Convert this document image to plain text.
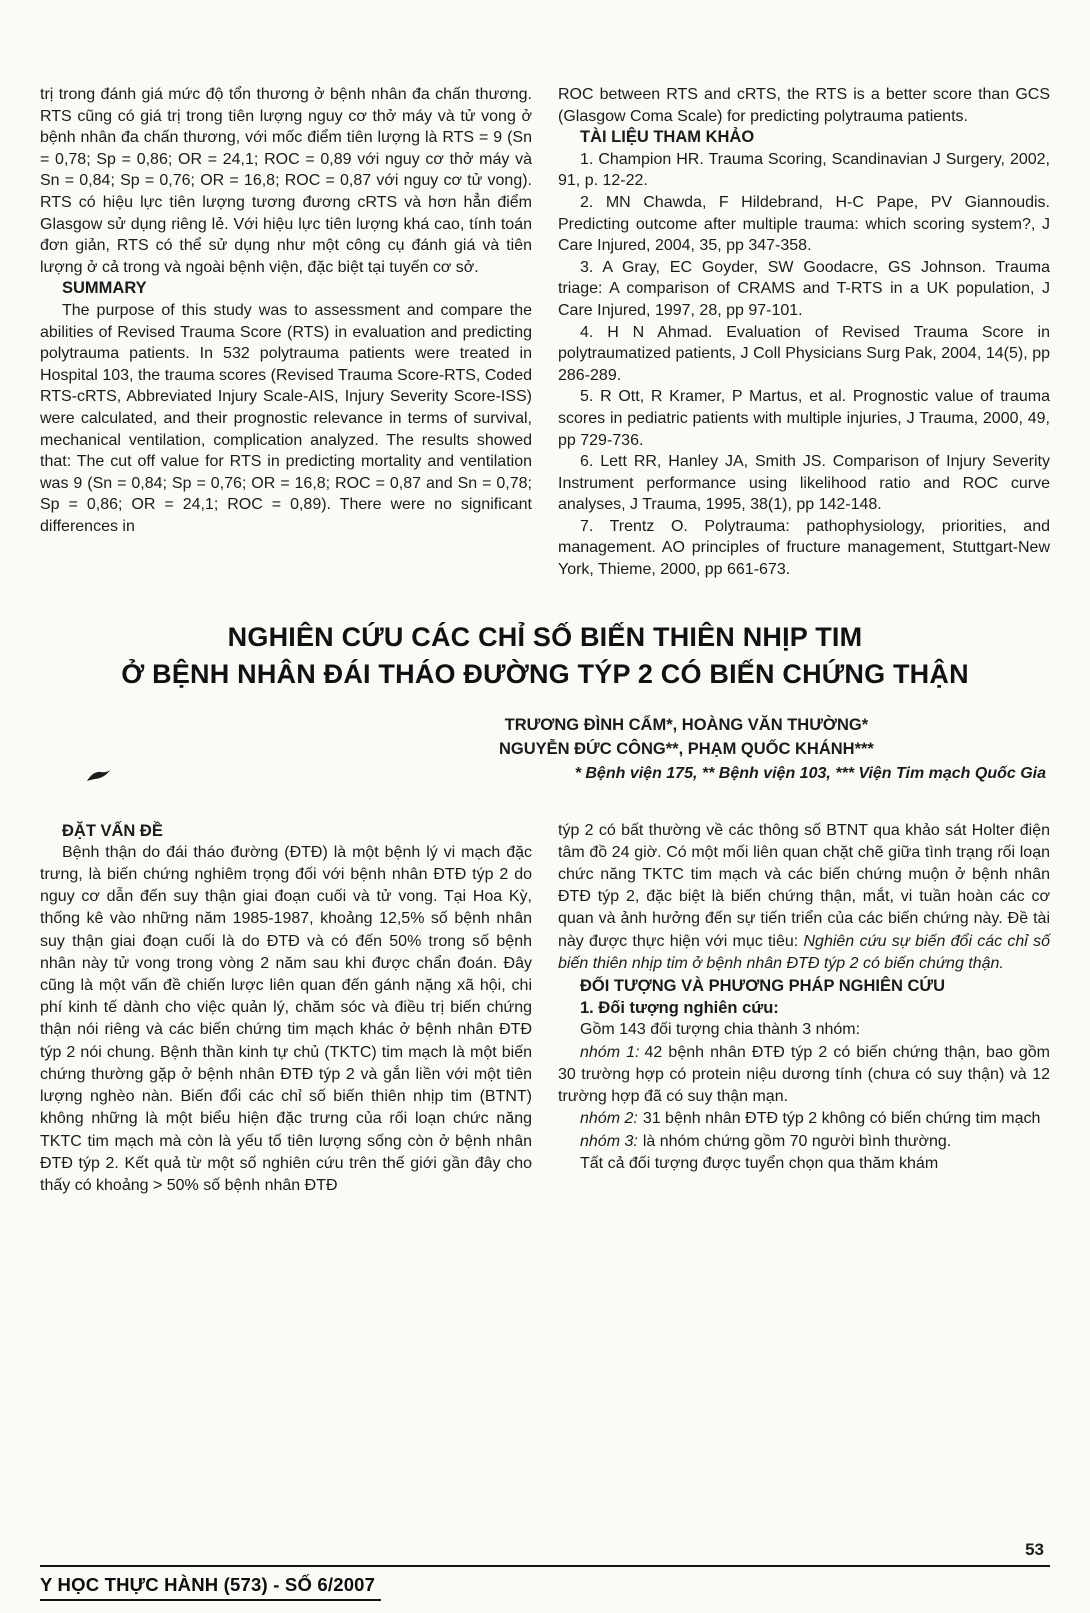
trị trong đánh giá mức độ tổn thương ở bệnh nhân đa chấn thương. RTS cũng có giá trị trong tiên lượng nguy cơ thở máy và tử vong ở bệnh nhân đa chấn thương, với mốc điểm tiên lượng là RTS = 9 (Sn = 0,78; Sp = 0,86; OR = 24,1; ROC = 0,89 với nguy cơ thở máy và Sn = 0,84; Sp = 0,76; OR = 16,8; ROC = 0,87 với nguy cơ tử vong). RTS có hiệu lực tiên lượng tương đương cRTS và hơn hẳn điểm Glasgow sử dụng riêng lẻ. Với hiệu lực tiên lượng khá cao, tính toán đơn giản, RTS có thể sử dụng như một công cụ đánh giá và tiên lượng ở cả trong và ngoài bệnh viện, đặc biệt tại tuyến cơ sở.

SUMMARY

The purpose of this study was to assessment and compare the abilities of Revised Trauma Score (RTS) in evaluation and predicting polytrauma patients. In 532 polytrauma patients were treated in Hospital 103, the trauma scores (Revised Trauma Score-RTS, Coded RTS-cRTS, Abbreviated Injury Scale-AIS, Injury Severity Score-ISS) were calculated, and their prognostic relevance in terms of survival, mechanical ventilation, complication analyzed. The results showed that: The cut off value for RTS in predicting mortality and ventilation was 9 (Sn = 0,84; Sp = 0,76; OR = 16,8; ROC = 0,87 and Sn = 0,78; Sp = 0,86; OR = 24,1; ROC = 0,89). There were no significant differences in

ROC between RTS and cRTS, the RTS is a better score than GCS (Glasgow Coma Scale) for predicting polytrauma patients.

TÀI LIỆU THAM KHẢO

1. Champion HR. Trauma Scoring, Scandinavian J Surgery, 2002, 91, p. 12-22.

2. MN Chawda, F Hildebrand, H-C Pape, PV Giannoudis. Predicting outcome after multiple trauma: which scoring system?, J Care Injured, 2004, 35, pp 347-358.

3. A Gray, EC Goyder, SW Goodacre, GS Johnson. Trauma triage: A comparison of CRAMS and T-RTS in a UK population, J Care Injured, 1997, 28, pp 97-101.

4. H N Ahmad. Evaluation of Revised Trauma Score in polytraumatized patients, J Coll Physicians Surg Pak, 2004, 14(5), pp 286-289.

5. R Ott, R Kramer, P Martus, et al. Prognostic value of trauma scores in pediatric patients with multiple injuries, J Trauma, 2000, 49, pp 729-736.

6. Lett RR, Hanley JA, Smith JS. Comparison of Injury Severity Instrument performance using likelihood ratio and ROC curve analyses, J Trauma, 1995, 38(1), pp 142-148.

7. Trentz O. Polytrauma: pathophysiology, priorities, and management. AO principles of fructure management, Stuttgart-New York, Thieme, 2000, pp 661-673.

NGHIÊN CỨU CÁC CHỈ SỐ BIẾN THIÊN NHỊP TIM
Ở BỆNH NHÂN ĐÁI THÁO ĐƯỜNG TÝP 2 CÓ BIẾN CHỨNG THẬN
TRƯƠNG ĐÌNH CẨM*, HOÀNG VĂN THƯỜNG*
NGUYỄN ĐỨC CÔNG**, PHẠM QUỐC KHÁNH***
* Bệnh viện 175, ** Bệnh viện 103, *** Viện Tim mạch Quốc Gia
ĐẶT VẤN ĐỀ

Bệnh thận do đái tháo đường (ĐTĐ) là một bệnh lý vi mạch đặc trưng, là biến chứng nghiêm trọng đối với bệnh nhân ĐTĐ týp 2 do nguy cơ dẫn đến suy thận giai đoạn cuối và tử vong. Tại Hoa Kỳ, thống kê vào những năm 1985-1987, khoảng 12,5% số bệnh nhân suy thận giai đoạn cuối là do ĐTĐ và có đến 50% trong số bệnh nhân này tử vong trong vòng 2 năm sau khi được chẩn đoán. Đây cũng là một vấn đề chiến lược liên quan đến gánh nặng xã hội, chi phí kinh tế dành cho việc quản lý, chăm sóc và điều trị biến chứng thận nói riêng và các biến chứng tim mạch khác ở bệnh nhân ĐTĐ týp 2 nói chung. Bệnh thần kinh tự chủ (TKTC) tim mạch là một biến chứng thường gặp ở bệnh nhân ĐTĐ týp 2 và gắn liền với một tiên lượng nghèo nàn. Biến đổi các chỉ số biến thiên nhịp tim (BTNT) không những là một biểu hiện đặc trưng của rối loạn chức năng TKTC tim mạch mà còn là yếu tố tiên lượng sống còn ở bệnh nhân ĐTĐ týp 2. Kết quả từ một số nghiên cứu trên thế giới gần đây cho thấy có khoảng > 50% số bệnh nhân ĐTĐ

týp 2 có bất thường về các thông số BTNT qua khảo sát Holter điện tâm đồ 24 giờ. Có một mối liên quan chặt chẽ giữa tình trạng rối loạn chức năng TKTC tim mạch và các biến chứng muộn ở bệnh nhân ĐTĐ týp 2, đặc biệt là biến chứng thận, mắt, vi tuần hoàn các cơ quan và ảnh hưởng đến sự tiến triển của các biến chứng này. Đề tài này được thực hiện với mục tiêu: Nghiên cứu sự biến đổi các chỉ số biến thiên nhịp tim ở bệnh nhân ĐTĐ týp 2 có biến chứng thận.

ĐỐI TƯỢNG VÀ PHƯƠNG PHÁP NGHIÊN CỨU
1. Đối tượng nghiên cứu:

Gồm 143 đối tượng chia thành 3 nhóm:

nhóm 1: 42 bệnh nhân ĐTĐ týp 2 có biến chứng thận, bao gồm 30 trường hợp có protein niệu dương tính (chưa có suy thận) và 12 trường hợp đã có suy thận mạn.

nhóm 2: 31 bệnh nhân ĐTĐ týp 2 không có biến chứng tim mạch

nhóm 3: là nhóm chứng gồm 70 người bình thường.

Tất cả đối tượng được tuyển chọn qua thăm khám

53
Y HỌC THỰC HÀNH (573) - SỐ 6/2007
